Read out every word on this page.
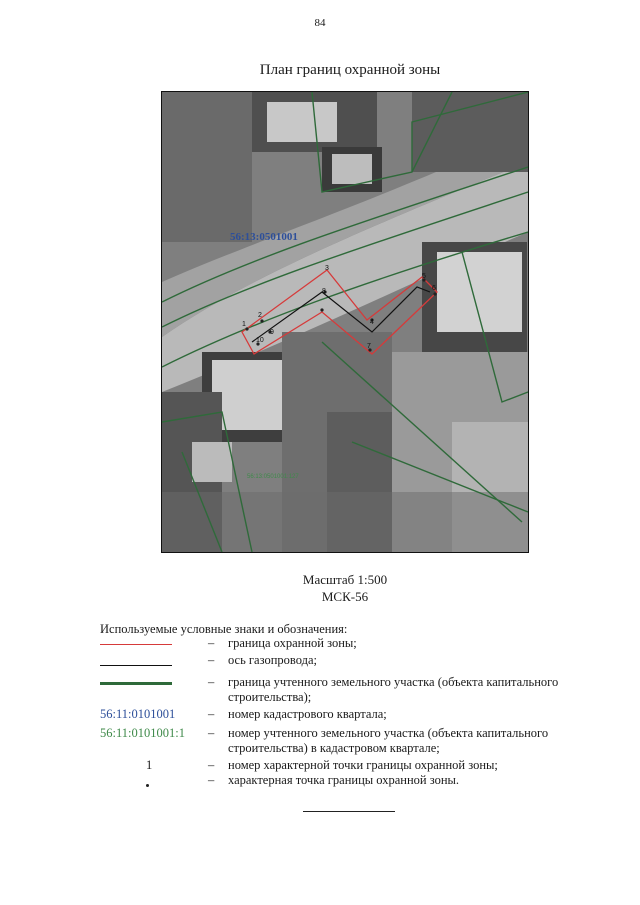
84
План границ охранной зоны
1
2
3
4
5
6
7
8
9
10
56:13:0501001
56:13:0501001:127
Масштаб 1:500
МСК-56
Используемые условные знаки и обозначения:
– граница охранной зоны;
– ось газопровода;
– граница учтенного земельного участка (объекта капитального строительства);
56:11:0101001	– номер кадастрового квартала;
56:11:0101001:1	– номер учтенного земельного участка (объекта капитального строительства) в кадастровом квартале;
1	– номер характерной точки границы охранной зоны;
– характерная точка границы охранной зоны.
